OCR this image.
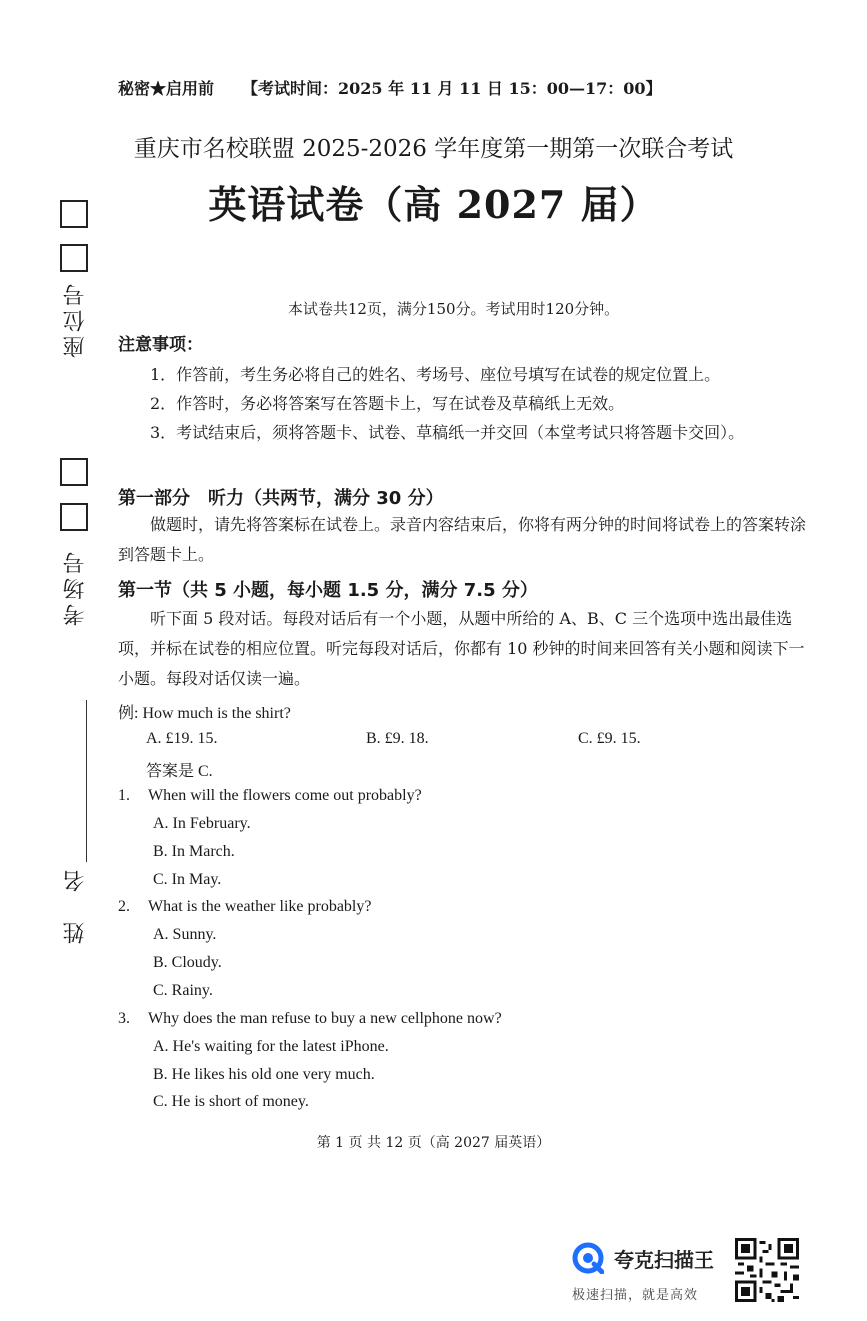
秘密★启用前 【考试时间：2025 年 11 月 11 日 15：00—17：00】
重庆市名校联盟 2025-2026 学年度第一期第一次联合考试
英语试卷（高 2027 届）
本试卷共12页，满分150分。考试用时120分钟。
注意事项：
1．作答前，考生务必将自己的姓名、考场号、座位号填写在试卷的规定位置上。
2．作答时，务必将答案写在答题卡上，写在试卷及草稿纸上无效。
3．考试结束后，须将答题卡、试卷、草稿纸一并交回（本堂考试只将答题卡交回）。
座位号
考场号
姓　名
第一部分　听力（共两节，满分 30 分）
做题时，请先将答案标在试卷上。录音内容结束后，你将有两分钟的时间将试卷上的答案转涂到答题卡上。
第一节（共 5 小题，每小题 1.5 分，满分 7.5 分）
听下面 5 段对话。每段对话后有一个小题，从题中所给的 A、B、C 三个选项中选出最佳选项，并标在试卷的相应位置。听完每段对话后，你都有 10 秒钟的时间来回答有关小题和阅读下一小题。每段对话仅读一遍。
例: How much is the shirt?
A. £19. 15.	B. £9. 18.	C. £9. 15.
答案是 C.
1. When will the flowers come out probably?
A. In February.
B. In March.
C. In May.
2. What is the weather like probably?
A. Sunny.
B. Cloudy.
C. Rainy.
3. Why does the man refuse to buy a new cellphone now?
A. He's waiting for the latest iPhone.
B. He likes his old one very much.
C. He is short of money.
第 1 页 共 12 页（高 2027 届英语）
夸克扫描王
极速扫描，就是高效
